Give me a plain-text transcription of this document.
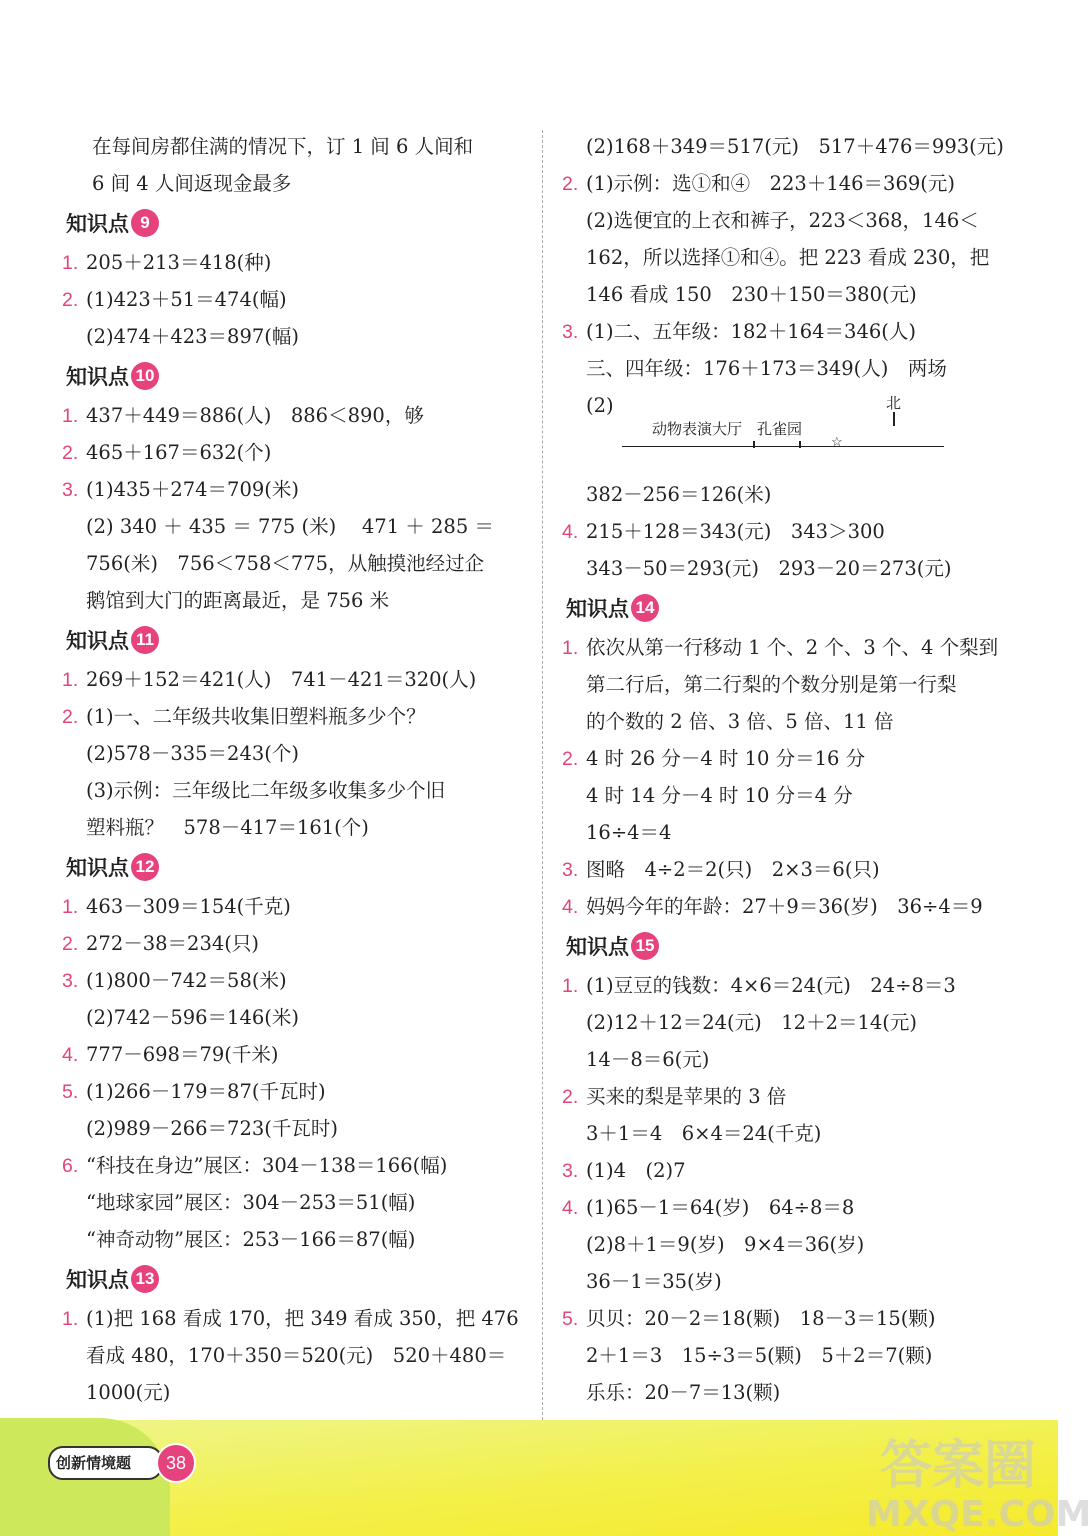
在每间房都住满的情况下，订 1 间 6 人间和
6 间 4 人间返现金最多
知识点 9
1. 205＋213＝418(种)
2. (1)423＋51＝474(幅)
(2)474＋423＝897(幅)
知识点 10
1. 437＋449＝886(人)　886＜890，够
2. 465＋167＝632(个)
3. (1)435＋274＝709(米)
(2) 340 ＋ 435 ＝ 775 (米)　 471 ＋ 285 ＝
756(米)　756＜758＜775，从触摸池经过企
鹅馆到大门的距离最近，是 756 米
知识点 11
1. 269＋152＝421(人)　741－421＝320(人)
2. (1)一、二年级共收集旧塑料瓶多少个？
(2)578－335＝243(个)
(3)示例：三年级比二年级多收集多少个旧
塑料瓶？　578－417＝161(个)
知识点 12
1. 463－309＝154(千克)
2. 272－38＝234(只)
3. (1)800－742＝58(米)
(2)742－596＝146(米)
4. 777－698＝79(千米)
5. (1)266－179＝87(千瓦时)
(2)989－266＝723(千瓦时)
6. “科技在身边”展区：304－138＝166(幅)
“地球家园”展区：304－253＝51(幅)
“神奇动物”展区：253－166＝87(幅)
知识点 13
1. (1)把 168 看成 170，把 349 看成 350，把 476
看成 480，170＋350＝520(元)　520＋480＝
1000(元)
(2)168＋349＝517(元)　517＋476＝993(元)
2. (1)示例：选①和④　223＋146＝369(元)
(2)选便宜的上衣和裤子，223＜368，146＜
162，所以选择①和④。把 223 看成 230，把
146 看成 150　230＋150＝380(元)
3. (1)二、五年级：182＋164＝346(人)
三、四年级：176＋173＝349(人)　两场
(2)	北
动物表演大厅　孔雀园
☆
382－256＝126(米)
4. 215＋128＝343(元)　343＞300
343－50＝293(元)　293－20＝273(元)
知识点 14
1. 依次从第一行移动 1 个、2 个、3 个、4 个梨到
第二行后，第二行梨的个数分别是第一行梨
的个数的 2 倍、3 倍、5 倍、11 倍
2. 4 时 26 分－4 时 10 分＝16 分
4 时 14 分－4 时 10 分＝4 分
16÷4＝4
3. 图略　4÷2＝2(只)　2×3＝6(只)
4. 妈妈今年的年龄：27＋9＝36(岁)　36÷4＝9
知识点 15
1. (1)豆豆的钱数：4×6＝24(元)　24÷8＝3
(2)12＋12＝24(元)　12＋2＝14(元)
14－8＝6(元)
2. 买来的梨是苹果的 3 倍
3＋1＝4　6×4＝24(千克)
3. (1)4　(2)7
4. (1)65－1＝64(岁)　64÷8＝8
(2)8＋1＝9(岁)　9×4＝36(岁)
36－1＝35(岁)
5. 贝贝：20－2＝18(颗)　18－3＝15(颗)
2＋1＝3　15÷3＝5(颗)　5＋2＝7(颗)
乐乐：20－7＝13(颗)
创新情境题	38	答案圈
MXQE.COM
